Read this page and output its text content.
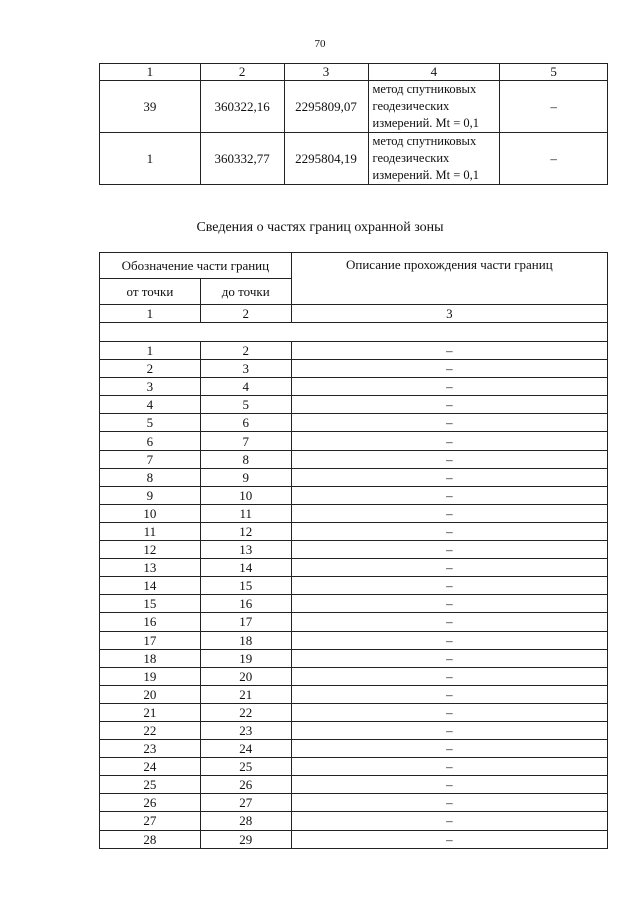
70
1	2	3	4	5
39	360322,16	2295809,07	метод спутниковых
геодезических
измерений. Mt = 0,1	–
1	360332,77	2295804,19	метод спутниковых
геодезических
измерений. Mt = 0,1	–
Сведения о частях границ охранной зоны
Обозначение части границ		Описание прохождения части границ
от точки	до точки	
1	2	3

1	2	–
2	3	–
3	4	–
4	5	–
5	6	–
6	7	–
7	8	–
8	9	–
9	10	–
10	11	–
11	12	–
12	13	–
13	14	–
14	15	–
15	16	–
16	17	–
17	18	–
18	19	–
19	20	–
20	21	–
21	22	–
22	23	–
23	24	–
24	25	–
25	26	–
26	27	–
27	28	–
28	29	–
